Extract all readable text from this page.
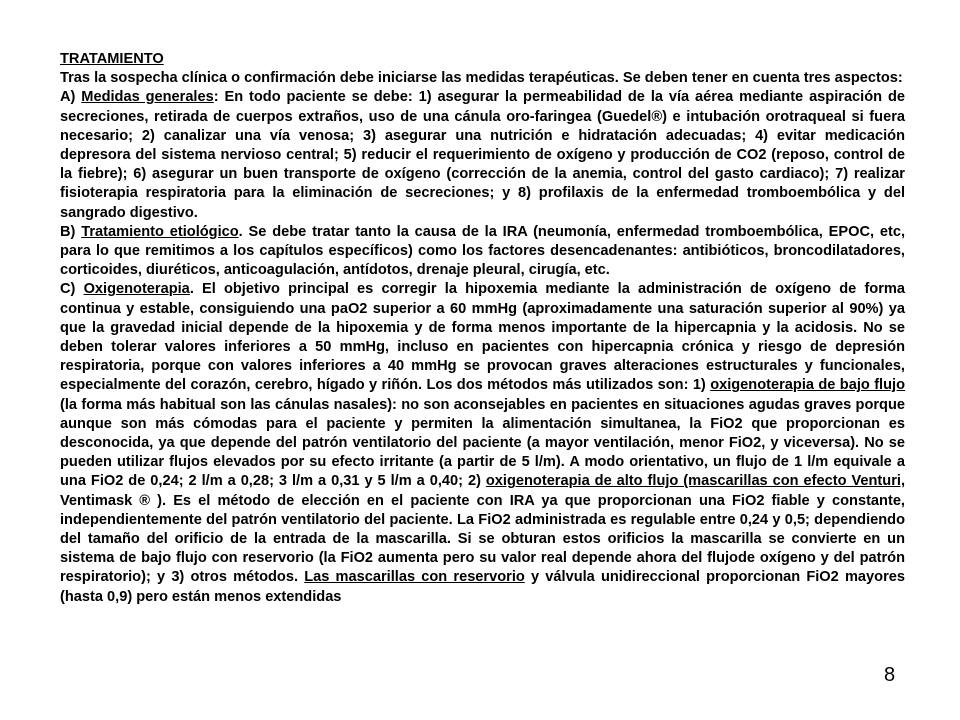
TRATAMIENTO

Tras la sospecha clínica o confirmación debe iniciarse las medidas terapéuticas. Se deben tener en cuenta tres aspectos:

A) Medidas generales: En todo paciente se debe: 1) asegurar la permeabilidad de la vía aérea mediante aspiración de secreciones, retirada de cuerpos extraños, uso de una cánula oro-faringea (Guedel®) e intubación orotraqueal si fuera necesario; 2) canalizar una vía venosa; 3) asegurar una nutrición e hidratación adecuadas; 4) evitar medicación depresora del sistema nervioso central; 5) reducir el requerimiento de oxígeno y producción de CO2 (reposo, control de la fiebre); 6) asegurar un buen transporte de oxígeno (corrección de la anemia, control del gasto cardiaco); 7) realizar fisioterapia respiratoria para la eliminación de secreciones; y 8) profilaxis de la enfermedad tromboembólica y del sangrado digestivo.

B) Tratamiento etiológico. Se debe tratar tanto la causa de la IRA (neumonía, enfermedad tromboembólica, EPOC, etc, para lo que remitimos a los capítulos específicos) como los factores desencadenantes: antibióticos, broncodilatadores, corticoides, diuréticos, anticoagulación, antídotos, drenaje pleural, cirugía, etc.

C) Oxigenoterapia. El objetivo principal es corregir la hipoxemia mediante la administración de oxígeno de forma continua y estable, consiguiendo una paO2 superior a 60 mmHg (aproximadamente una saturación superior al 90%) ya que la gravedad inicial depende de la hipoxemia y de forma menos importante de la hipercapnia y la acidosis. No se deben tolerar valores inferiores a 50 mmHg, incluso en pacientes con hipercapnia crónica y riesgo de depresión respiratoria, porque con valores inferiores a 40 mmHg se provocan graves alteraciones estructurales y funcionales, especialmente del corazón, cerebro, hígado y riñón. Los dos métodos más utilizados son: 1) oxigenoterapia de bajo flujo (la forma más habitual son las cánulas nasales): no son aconsejables en pacientes en situaciones agudas graves porque aunque son más cómodas para el paciente y permiten la alimentación simultanea, la FiO2 que proporcionan es desconocida, ya que depende del patrón ventilatorio del paciente (a mayor ventilación, menor FiO2, y viceversa). No se pueden utilizar flujos elevados por su efecto irritante (a partir de 5 l/m). A modo orientativo, un flujo de 1 l/m equivale a una FiO2 de 0,24; 2 l/m a 0,28; 3 l/m a 0,31 y 5 l/m a 0,40; 2) oxigenoterapia de alto flujo (mascarillas con efecto Venturi, Ventimask ® ). Es el método de elección en el paciente con IRA ya que proporcionan una FiO2 fiable y constante, independientemente del patrón ventilatorio del paciente. La FiO2 administrada es regulable entre 0,24 y 0,5; dependiendo del tamaño del orificio de la entrada de la mascarilla. Si se obturan estos orificios la mascarilla se convierte en un sistema de bajo flujo con reservorio (la FiO2 aumenta pero su valor real depende ahora del flujode oxígeno y del patrón respiratorio); y 3) otros métodos. Las mascarillas con reservorio y válvula unidireccional proporcionan FiO2 mayores (hasta 0,9) pero están menos extendidas

8
